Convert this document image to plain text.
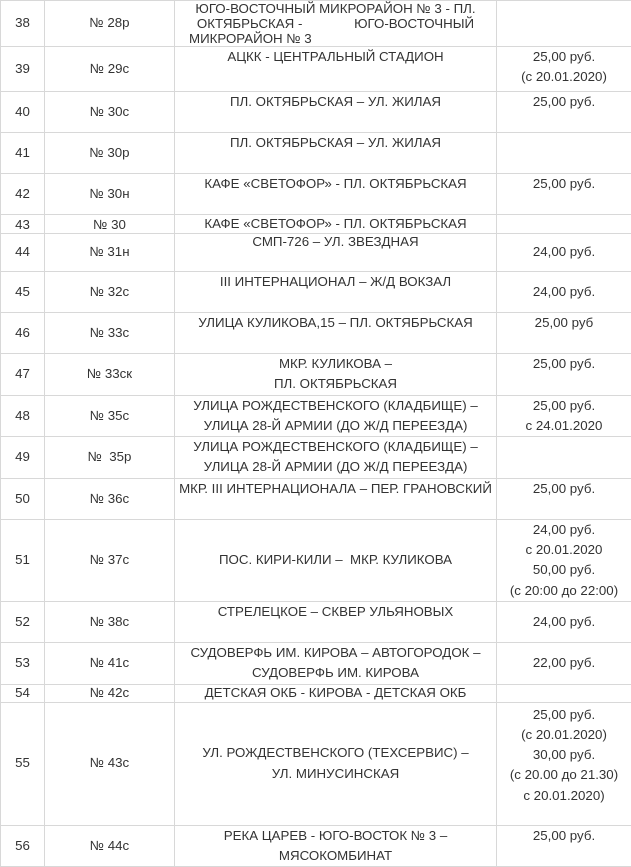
38	№ 28р	ЮГО-ВОСТОЧНЫЙ МИКРОРАЙОН № 3 - ПЛ.
ОКТЯБРЬСКАЯ -              ЮГО-ВОСТОЧНЫЙ
МИКРОРАЙОН № 3	

39	№ 29с	АЦКК - ЦЕНТРАЛЬНЫЙ СТАДИОН	25,00 руб.
(с 20.01.2020)

40	№ 30с	ПЛ. ОКТЯБРЬСКАЯ – УЛ. ЖИЛАЯ	25,00 руб.

41	№ 30р	ПЛ. ОКТЯБРЬСКАЯ – УЛ. ЖИЛАЯ	

42	№ 30н	КАФЕ «СВЕТОФОР» - ПЛ. ОКТЯБРЬСКАЯ	25,00 руб.

43	№ 30	КАФЕ «СВЕТОФОР» - ПЛ. ОКТЯБРЬСКАЯ	

44	№ 31н	СМП-726 – УЛ. ЗВЕЗДНАЯ	24,00 руб.

45	№ 32с	III ИНТЕРНАЦИОНАЛ – Ж/Д ВОКЗАЛ	24,00 руб.

46	№ 33с	УЛИЦА КУЛИКОВА,15 – ПЛ. ОКТЯБРЬСКАЯ	25,00 руб

47	№ 33ск	МКР. КУЛИКОВА –
ПЛ. ОКТЯБРЬСКАЯ	25,00 руб.

48	№ 35с	УЛИЦА РОЖДЕСТВЕНСКОГО (КЛАДБИЩЕ) –
УЛИЦА 28-Й АРМИИ (ДО Ж/Д ПЕРЕЕЗДА)	25,00 руб.
с 24.01.2020

49	№  35р	УЛИЦА РОЖДЕСТВЕНСКОГО (КЛАДБИЩЕ) –
УЛИЦА 28-Й АРМИИ (ДО Ж/Д ПЕРЕЕЗДА)	

50	№ 36с	МКР. III ИНТЕРНАЦИОНАЛА – ПЕР. ГРАНОВСКИЙ	25,00 руб.

51	№ 37с	ПОС. КИРИ-КИЛИ –  МКР. КУЛИКОВА	24,00 руб.
с 20.01.2020
50,00 руб.
(с 20:00 до 22:00)

52	№ 38с	СТРЕЛЕЦКОЕ – СКВЕР УЛЬЯНОВЫХ	24,00 руб.

53	№ 41с	СУДОВЕРФЬ ИМ. КИРОВА – АВТОГОРОДОК –
СУДОВЕРФЬ ИМ. КИРОВА	22,00 руб.

54	№ 42с	ДЕТСКАЯ ОКБ - КИРОВА - ДЕТСКАЯ ОКБ	

55	№ 43с	УЛ. РОЖДЕСТВЕНСКОГО (ТЕХСЕРВИС) –
УЛ. МИНУСИНСКАЯ	25,00 руб.
(с 20.01.2020)
30,00 руб.
(с 20.00 до 21.30)
с 20.01.2020)

56	№ 44с	РЕКА ЦАРЕВ - ЮГО-ВОСТОК № 3 –
МЯСОКОМБИНАТ	25,00 руб.
